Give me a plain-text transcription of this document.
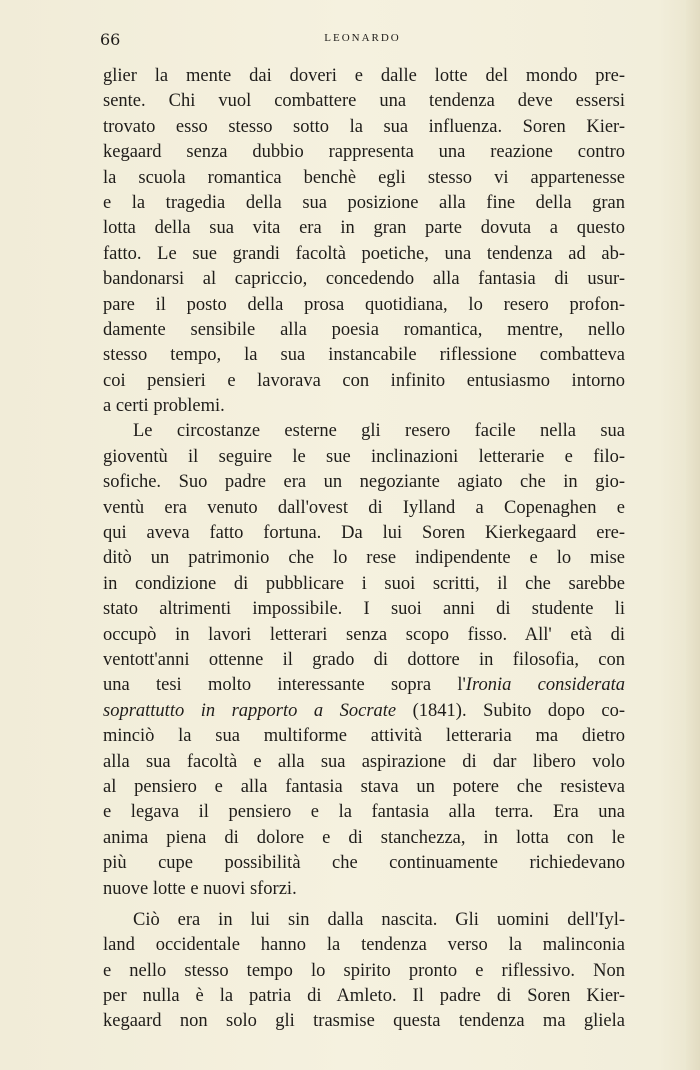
66	LEONARDO
glier la mente dai doveri e dalle lotte del mondo pre-
sente. Chi vuol combattere una tendenza deve essersi
trovato esso stesso sotto la sua influenza. Soren Kier-
kegaard senza dubbio rappresenta una reazione contro
la scuola romantica benchè egli stesso vi appartenesse
e la tragedia della sua posizione alla fine della gran
lotta della sua vita era in gran parte dovuta a questo
fatto. Le sue grandi facoltà poetiche, una tendenza ad ab-
bandonarsi al capriccio, concedendo alla fantasia di usur-
pare il posto della prosa quotidiana, lo resero profon-
damente sensibile alla poesia romantica, mentre, nello
stesso tempo, la sua instancabile riflessione combatteva
coi pensieri e lavorava con infinito entusiasmo intorno
a certi problemi.
Le circostanze esterne gli resero facile nella sua
gioventù il seguire le sue inclinazioni letterarie e filo-
sofiche. Suo padre era un negoziante agiato che in gio-
ventù era venuto dall'ovest di Iylland a Copenaghen e
qui aveva fatto fortuna. Da lui Soren Kierkegaard ere-
ditò un patrimonio che lo rese indipendente e lo mise
in condizione di pubblicare i suoi scritti, il che sarebbe
stato altrimenti impossibile. I suoi anni di studente li
occupò in lavori letterari senza scopo fisso. All' età di
ventott'anni ottenne il grado di dottore in filosofia, con
una tesi molto interessante sopra l'Ironia considerata
soprattutto in rapporto a Socrate (1841). Subito dopo co-
minciò la sua multiforme attività letteraria ma dietro
alla sua facoltà e alla sua aspirazione di dar libero volo
al pensiero e alla fantasia stava un potere che resisteva
e legava il pensiero e la fantasia alla terra. Era una
anima piena di dolore e di stanchezza, in lotta con le
più cupe possibilità che continuamente richiedevano
nuove lotte e nuovi sforzi.
Ciò era in lui sin dalla nascita. Gli uomini dell'Iyl-
land occidentale hanno la tendenza verso la malinconia
e nello stesso tempo lo spirito pronto e riflessivo. Non
per nulla è la patria di Amleto. Il padre di Soren Kier-
kegaard non solo gli trasmise questa tendenza ma gliela
